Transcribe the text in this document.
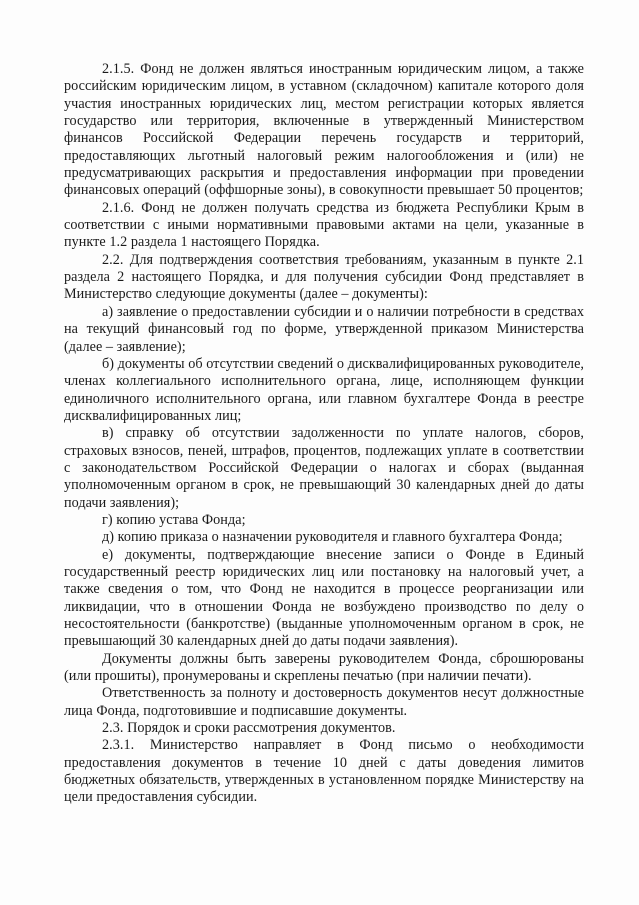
2.1.5. Фонд не должен являться иностранным юридическим лицом, а также российским юридическим лицом, в уставном (складочном) капитале которого доля участия иностранных юридических лиц, местом регистрации которых является государство или территория, включенные в утвержденный Министерством финансов Российской Федерации перечень государств и территорий, предоставляющих льготный налоговый режим налогообложения и (или) не предусматривающих раскрытия и предоставления информации при проведении финансовых операций (оффшорные зоны), в совокупности превышает 50 процентов;

2.1.6. Фонд не должен получать средства из бюджета Республики Крым в соответствии с иными нормативными правовыми актами на цели, указанные в пункте 1.2 раздела 1 настоящего Порядка.

2.2. Для подтверждения соответствия требованиям, указанным в пункте 2.1 раздела 2 настоящего Порядка, и для получения субсидии Фонд представляет в Министерство следующие документы (далее – документы):

а) заявление о предоставлении субсидии и о наличии потребности в средствах на текущий финансовый год по форме, утвержденной приказом Министерства (далее – заявление);

б) документы об отсутствии сведений о дисквалифицированных руководителе, членах коллегиального исполнительного органа, лице, исполняющем функции единоличного исполнительного органа, или главном бухгалтере Фонда в реестре дисквалифицированных лиц;

в) справку об отсутствии задолженности по уплате налогов, сборов, страховых взносов, пеней, штрафов, процентов, подлежащих уплате в соответствии с законодательством Российской Федерации о налогах и сборах (выданная уполномоченным органом в срок, не превышающий 30 календарных дней до даты подачи заявления);

г) копию устава Фонда;

д) копию приказа о назначении руководителя и главного бухгалтера Фонда;

е) документы, подтверждающие внесение записи о Фонде в Единый государственный реестр юридических лиц или постановку на налоговый учет, а также сведения о том, что Фонд не находится в процессе реорганизации или ликвидации, что в отношении Фонда не возбуждено производство по делу о несостоятельности (банкротстве) (выданные уполномоченным органом в срок, не превышающий 30 календарных дней до даты подачи заявления).

Документы должны быть заверены руководителем Фонда, сброшюрованы (или прошиты), пронумерованы и скреплены печатью (при наличии печати).

Ответственность за полноту и достоверность документов несут должностные лица Фонда, подготовившие и подписавшие документы.

2.3. Порядок и сроки рассмотрения документов.

2.3.1. Министерство направляет в Фонд письмо о необходимости предоставления документов в течение 10 дней с даты доведения лимитов бюджетных обязательств, утвержденных в установленном порядке Министерству на цели предоставления субсидии.
